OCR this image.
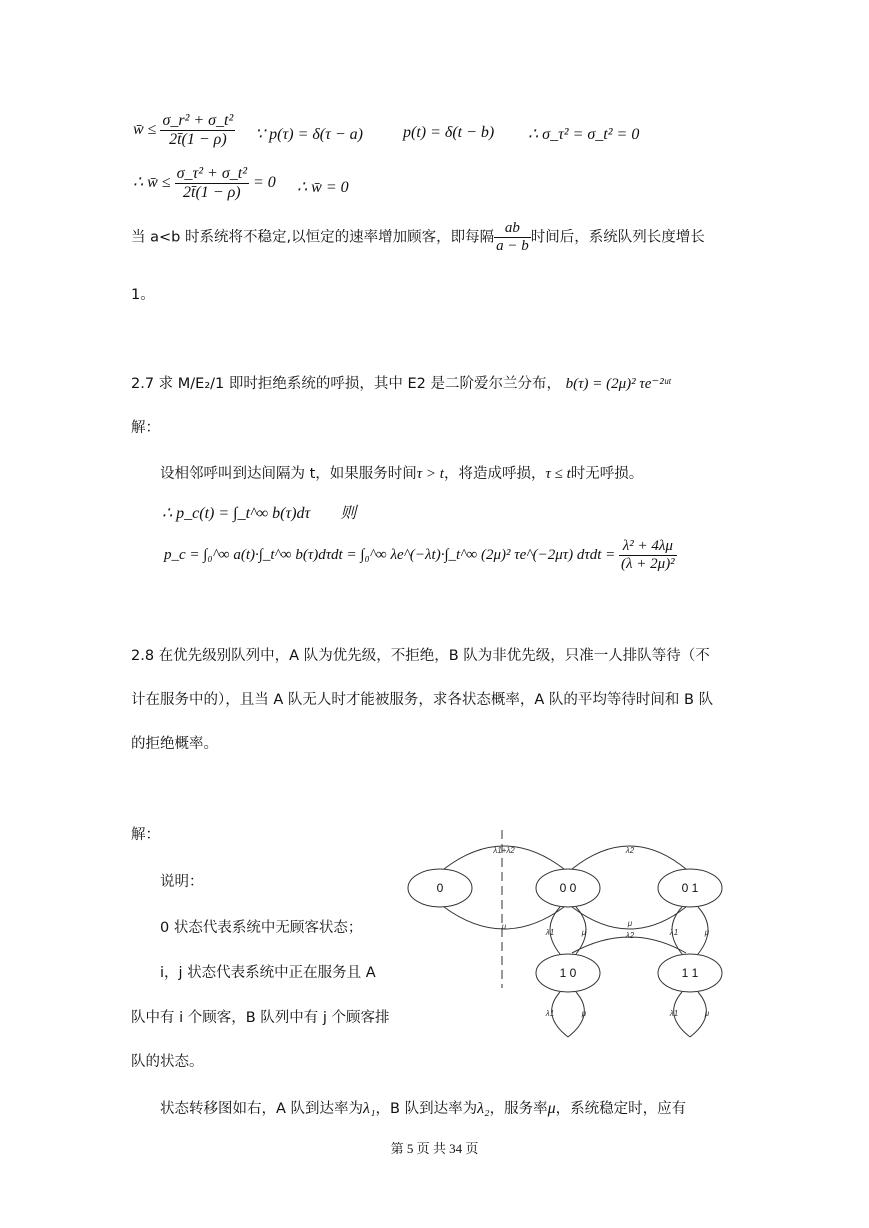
w̄ ≤ $\frac{\text{σ\_r² + σ\_t²}}{2t̄(1 - \rho)}$ ∵ p(τ) = δ(τ − a)	p(t) = δ(t − b) ∴ σ_τ² = σ_t² = 0
∴ w̄ ≤ $\frac{\text{σ\_τ² + σ\_t²}}{2t̄(1 - \rho)} = 0$ ∴ w̄ = 0
当 a<b 时系统将不稳定,以恒定的速率增加顾客，即每隔 $\frac{ab}{a - b}$ 时间后，系统队列长度增长
1。
2.7 求 M/E₂/1 即时拒绝系统的呼损，其中 E2 是二阶爱尔兰分布， b(τ) = (2μ)² τe⁻²ᵘᵗ
解：
设相邻呼叫到达间隔为 t，如果服务时间τ > t，将造成呼损，τ ≤ t时无呼损。
∴ p_c(t) = ∫_t^∞ b(τ)dτ 则
p_c = ∫₀^∞ a(t)·∫_t^∞ b(τ)dτdt = ∫₀^∞ λe^(−λt)·∫_t^∞ (2μ)² τe^(−2μτ) $d\tau dt = \frac{\text{λ² + 4λμ}}{\text{(λ + 2μ)²}}$
2.8 在优先级别队列中，A 队为优先级，不拒绝，B 队为非优先级，只准一人排队等待（不
计在服务中的），且当 A 队无人时才能被服务，求各状态概率，A 队的平均等待时间和 B 队
的拒绝概率。
解：
说明：
0 状态代表系统中无顾客状态；
i，j 状态代表系统中正在服务且 A
队中有 i 个顾客，B 队列中有 j 个顾客排
队的状态。
状态转移图如右，A 队到达率为λ₁，B 队到达率为λ₂，服务率μ，系统稳定时，应有
0	0 0	0 1
1 0	1 1
λ1+λ2
μ
λ2
μ
λ2
λ1	μ	λ1	μ
λ1	μ	λ1	μ
第 5 页 共 34 页
